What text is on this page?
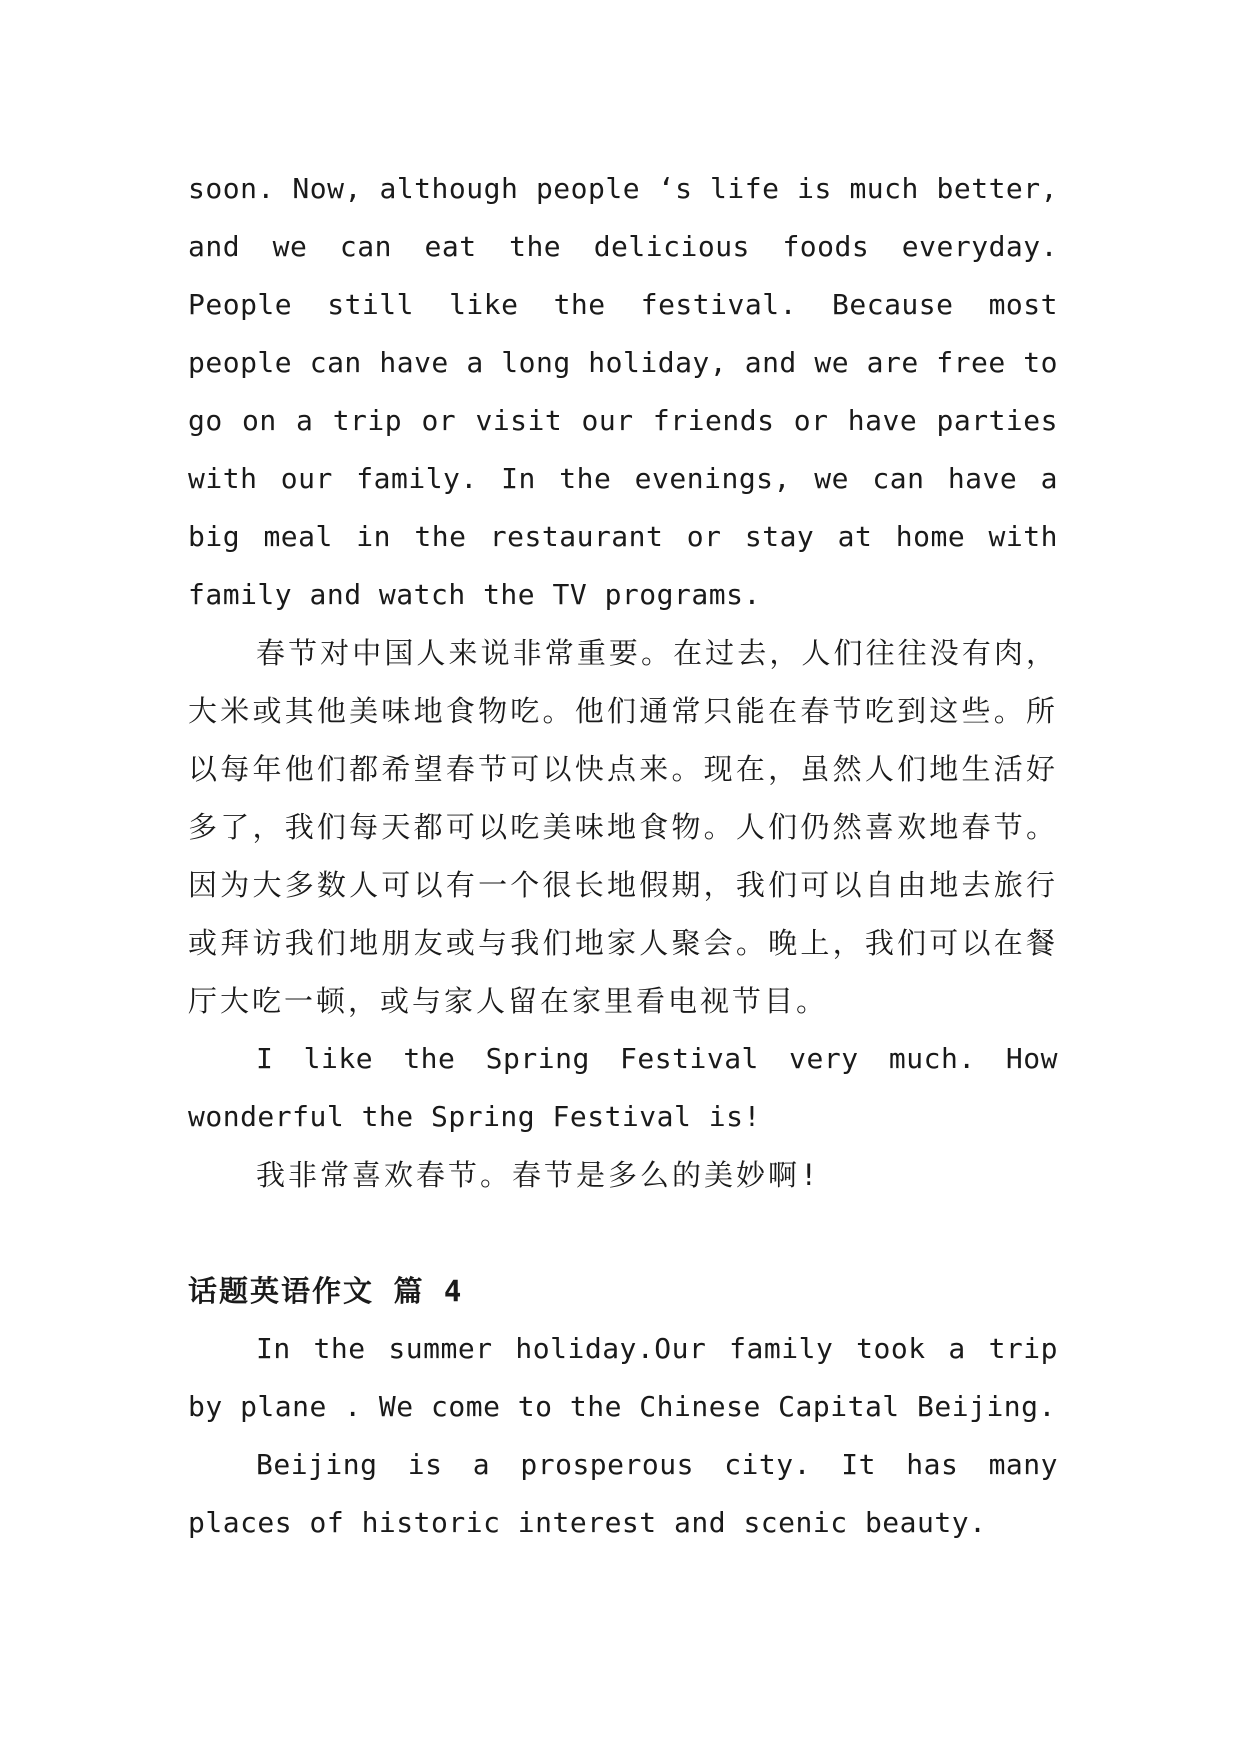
soon. Now, although people ‘s life is much better, and we can eat the delicious foods everyday. People still like the festival. Because most people can have a long holiday, and we are free to go on a trip or visit our friends or have parties with our family. In the evenings, we can have a big meal in the restaurant or stay at home with family and watch the TV programs.

春节对中国人来说非常重要。在过去，人们往往没有肉，大米或其他美味地食物吃。他们通常只能在春节吃到这些。所以每年他们都希望春节可以快点来。现在，虽然人们地生活好多了，我们每天都可以吃美味地食物。人们仍然喜欢地春节。因为大多数人可以有一个很长地假期，我们可以自由地去旅行或拜访我们地朋友或与我们地家人聚会。晚上，我们可以在餐厅大吃一顿，或与家人留在家里看电视节目。

I like the Spring Festival very much. How wonderful the Spring Festival is!

我非常喜欢春节。春节是多么的美妙啊!

话题英语作文 篇 4

In the summer holiday.Our family took a trip by plane . We come to the Chinese Capital Beijing.

Beijing is a prosperous city. It has many places of historic interest and scenic beauty.
